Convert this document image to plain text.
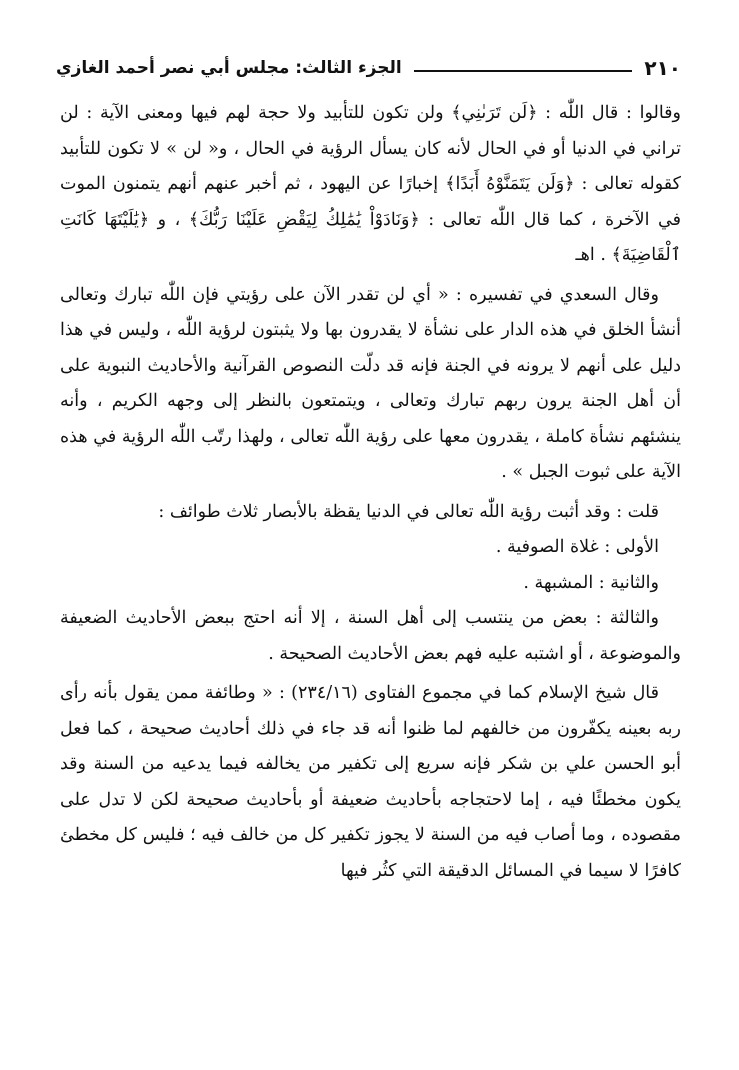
الجزء الثالث: مجلس أبي نصر أحمد الغازي	٢١٠

وقالوا : قال اللّٰه : ﴿لَن تَرَىٰنِي﴾ ولن تكون للتأبيد ولا حجة لهم فيها ومعنى الآية : لن تراني في الدنيا أو في الحال لأنه كان يسأل الرؤية في الحال ، و« لن » لا تكون للتأبيد كقوله تعالى : ﴿وَلَن يَتَمَنَّوْهُ أَبَدًا﴾ إخبارًا عن اليهود ، ثم أخبر عنهم أنهم يتمنون الموت في الآخرة ، كما قال اللّٰه تعالى : ﴿وَنَادَوْاْ يَٰمَٰلِكُ لِيَقْضِ عَلَيْنَا رَبُّكَ﴾ ، و ﴿يَٰلَيْتَهَا كَانَتِ ٱلْقَاضِيَةَ﴾ . اهـ

وقال السعدي في تفسيره : « أي لن تقدر الآن على رؤيتي فإن اللّٰه تبارك وتعالى أنشأ الخلق في هذه الدار على نشأة لا يقدرون بها ولا يثبتون لرؤية اللّٰه ، وليس في هذا دليل على أنهم لا يرونه في الجنة فإنه قد دلّت النصوص القرآنية والأحاديث النبوية على أن أهل الجنة يرون ربهم تبارك وتعالى ، ويتمتعون بالنظر إلى وجهه الكريم ، وأنه ينشئهم نشأة كاملة ، يقدرون معها على رؤية اللّٰه تعالى ، ولهذا رتّب اللّٰه الرؤية في هذه الآية على ثبوت الجبل » .

قلت : وقد أثبت رؤية اللّٰه تعالى في الدنيا يقظة بالأبصار ثلاث طوائف :

الأولى : غلاة الصوفية .

والثانية : المشبهة .

والثالثة : بعض من ينتسب إلى أهل السنة ، إلا أنه احتج ببعض الأحاديث الضعيفة والموضوعة ، أو اشتبه عليه فهم بعض الأحاديث الصحيحة .

قال شيخ الإسلام كما في مجموع الفتاوى (٢٣٤/١٦) : « وطائفة ممن يقول بأنه رأى ربه بعينه يكفّرون من خالفهم لما ظنوا أنه قد جاء في ذلك أحاديث صحيحة ، كما فعل أبو الحسن علي بن شكر فإنه سريع إلى تكفير من يخالفه فيما يدعيه من السنة وقد يكون مخطئًا فيه ، إما لاحتجاجه بأحاديث ضعيفة أو بأحاديث صحيحة لكن لا تدل على مقصوده ، وما أصاب فيه من السنة لا يجوز تكفير كل من خالف فيه ؛ فليس كل مخطئ كافرًا لا سيما في المسائل الدقيقة التي كثُر فيها
